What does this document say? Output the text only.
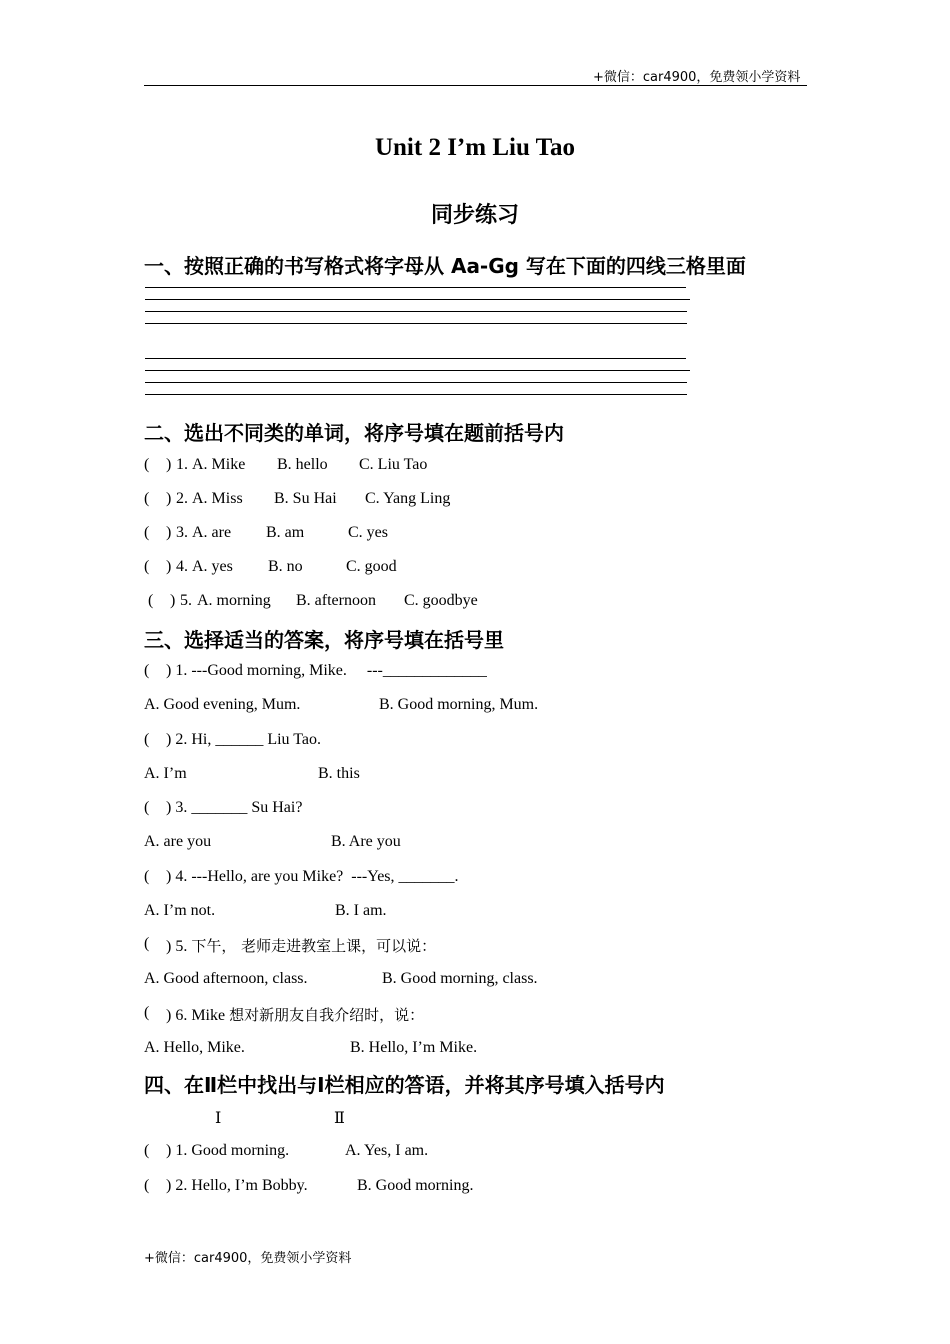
+微信：car4900，免费领小学资料
Unit 2 I’m Liu Tao
同步练习
一、按照正确的书写格式将字母从 Aa-Gg 写在下面的四线三格里面
二、选出不同类的单词，将序号填在题前括号内
( ) 1. A. Mike B. hello C. Liu Tao
( ) 2. A. Miss B. Su Hai C. Yang Ling
( ) 3. A. are B. am	C. yes
( ) 4. A. yes B. no	C. good
( ) 5. A. morning B. afternoon C. goodbye
三、选择适当的答案，将序号填在括号里
( ) 1. ---Good morning, Mike.     ---_____________
A. Good evening, Mum.	B. Good morning, Mum.
( ) 2. Hi, ______ Liu Tao.
A. I’m	B. this
( ) 3. _______ Su Hai?
A. are you	B. Are you
( ) 4. ---Hello, are you Mike?  ---Yes, _______.
A. I’m not.	B. I am.
( ) 5. 下午， 老师走进教室上课，可以说：
A. Good afternoon, class.	B. Good morning, class.
( ) 6. Mike 想对新朋友自我介绍时，说：
A. Hello, Mike.	B. Hello, I’m Mike.
四、在Ⅱ栏中找出与Ⅰ栏相应的答语，并将其序号填入括号内
Ⅰ	Ⅱ
( ) 1. Good morning.	A. Yes, I am.
( ) 2. Hello, I’m Bobby.	B. Good morning.
+微信：car4900，免费领小学资料
